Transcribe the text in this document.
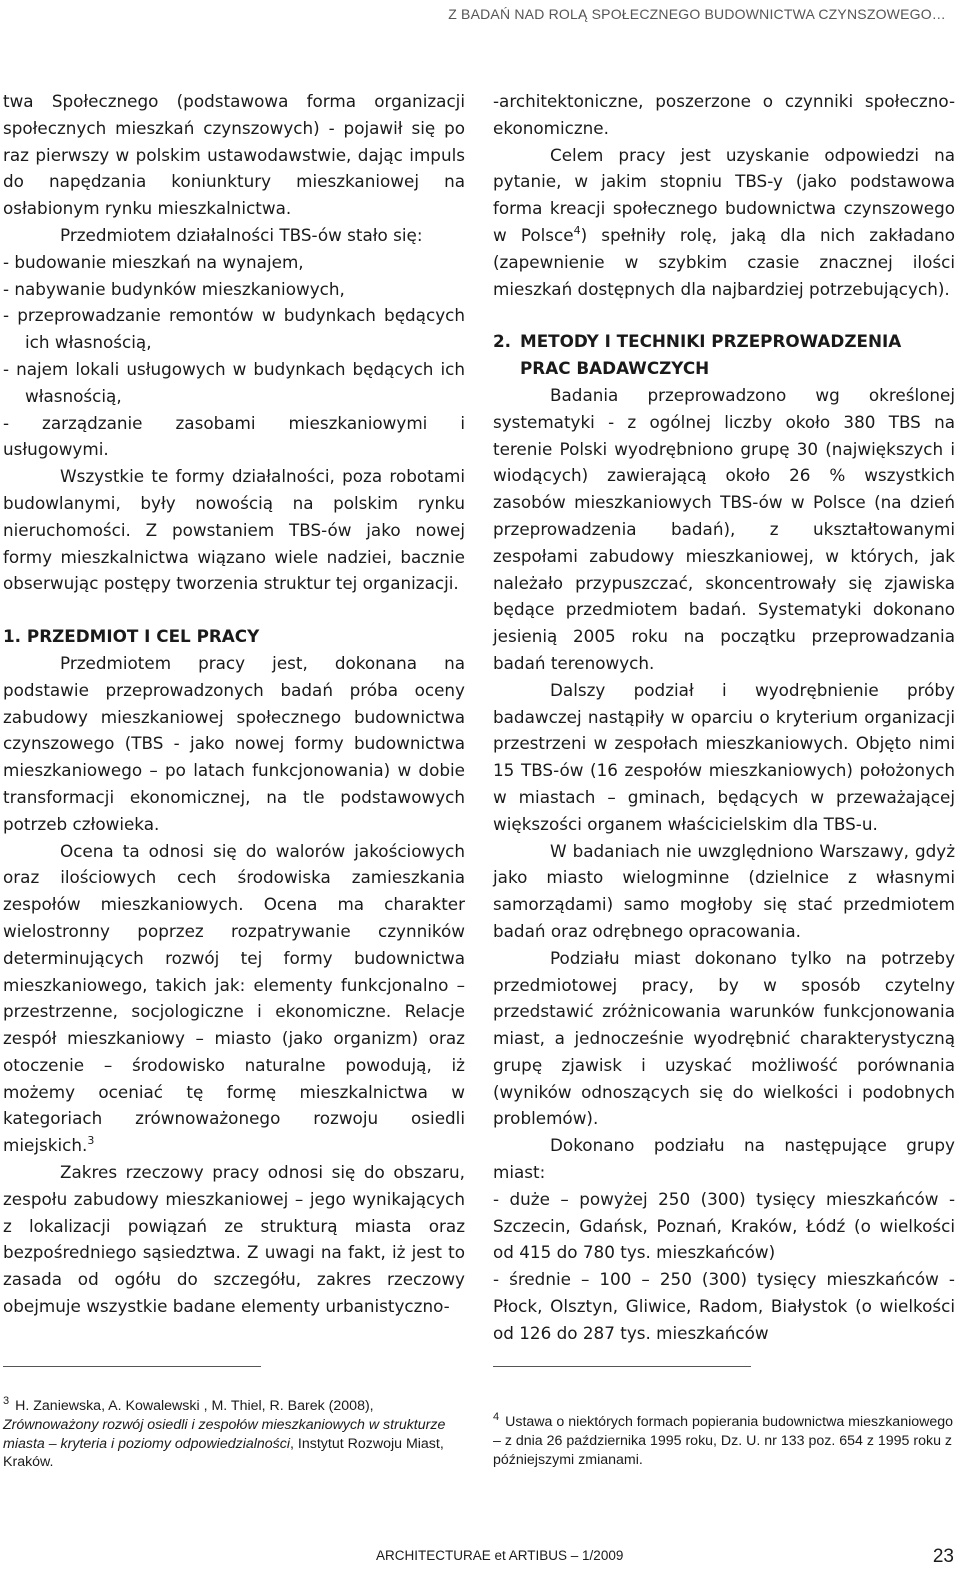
Z BADAŃ NAD ROLĄ SPOŁECZNEGO BUDOWNICTWA CZYNSZOWEGO…

twa Społecznego (podstawowa forma organizacji społecznych mieszkań czynszowych) - pojawił się po raz pierwszy w polskim ustawodawstwie, dając impuls do napędzania koniunktury mieszkaniowej na osłabionym rynku mieszkalnictwa.

Przedmiotem działalności TBS-ów stało się:

- budowanie mieszkań na wynajem,
- nabywanie budynków mieszkaniowych,
- przeprowadzanie remontów w budynkach będących ich własnością,
- najem lokali usługowych w budynkach będących ich własnością,
- zarządzanie zasobami mieszkaniowymi i usługowymi.

Wszystkie te formy działalności, poza robotami budowlanymi, były nowością na polskim rynku nieruchomości. Z powstaniem TBS-ów jako nowej formy mieszkalnictwa wiązano wiele nadziei, bacznie obserwując postępy tworzenia struktur tej organizacji.

1. PRZEDMIOT I CEL PRACY

Przedmiotem pracy jest, dokonana na podstawie przeprowadzonych badań próba oceny zabudowy mieszkaniowej społecznego budownictwa czynszowego (TBS - jako nowej formy budownictwa mieszkaniowego – po latach funkcjonowania) w dobie transformacji ekonomicznej, na tle podstawowych potrzeb człowieka.

Ocena ta odnosi się do walorów jakościowych oraz ilościowych cech środowiska zamieszkania zespołów mieszkaniowych. Ocena ma charakter wielostronny poprzez rozpatrywanie czynników determinujących rozwój tej formy budownictwa mieszkaniowego, takich jak: elementy funkcjonalno – przestrzenne, socjologiczne i ekonomiczne. Relacje zespół mieszkaniowy – miasto (jako organizm) oraz otoczenie – środowisko naturalne powodują, iż możemy oceniać tę formę mieszkalnictwa w kategoriach zrównoważonego rozwoju osiedli miejskich.$^3$

Zakres rzeczowy pracy odnosi się do obszaru, zespołu zabudowy mieszkaniowej – jego wynikających z lokalizacji powiązań ze strukturą miasta oraz bezpośredniego sąsiedztwa. Z uwagi na fakt, iż jest to zasada od ogółu do szczegółu, zakres rzeczowy obejmuje wszystkie badane elementy urbanistyczno-

-architektoniczne, poszerzone o czynniki społeczno-ekonomiczne.

Celem pracy jest uzyskanie odpowiedzi na pytanie, w jakim stopniu TBS-y (jako podstawowa forma kreacji społecznego budownictwa czynszowego w Polsce$^4$) spełniły rolę, jaką dla nich zakładano (zapewnienie w szybkim czasie znacznej ilości mieszkań dostępnych dla najbardziej potrzebujących).

2. METODY I TECHNIKI PRZEPROWADZENIA PRAC BADAWCZYCH

Badania przeprowadzono wg określonej systematyki - z ogólnej liczby około 380 TBS na terenie Polski wyodrębniono grupę 30 (największych i wiodących) zawierającą około 26 % wszystkich zasobów mieszkaniowych TBS-ów w Polsce (na dzień przeprowadzenia badań), z ukształtowanymi zespołami zabudowy mieszkaniowej, w których, jak należało przypuszczać, skoncentrowały się zjawiska będące przedmiotem badań. Systematyki dokonano jesienią 2005 roku na początku przeprowadzania badań terenowych.

Dalszy podział i wyodrębnienie próby badawczej nastąpiły w oparciu o kryterium organizacji przestrzeni w zespołach mieszkaniowych. Objęto nimi 15 TBS-ów (16 zespołów mieszkaniowych) położonych w miastach – gminach, będących w przeważającej większości organem właścicielskim dla TBS-u.

W badaniach nie uwzględniono Warszawy, gdyż jako miasto wielogminne (dzielnice z własnymi samorządami) samo mogłoby się stać przedmiotem badań oraz odrębnego opracowania.

Podziału miast dokonano tylko na potrzeby przedmiotowej pracy, by w sposób czytelny przedstawić zróżnicowania warunków funkcjonowania miast, a jednocześnie wyodrębnić charakterystyczną grupę zjawisk i uzyskać możliwość porównania (wyników odnoszących się do wielkości i podobnych problemów).

Dokonano podziału na następujące grupy miast:

- duże – powyżej 250 (300) tysięcy mieszkańców - Szczecin, Gdańsk, Poznań, Kraków, Łódź (o wielkości od 415 do 780 tys. mieszkańców)
- średnie – 100 – 250 (300) tysięcy mieszkańców - Płock, Olsztyn, Gliwice, Radom, Białystok (o wielkości od 126 do 287 tys. mieszkańców
$^3$ H. Zaniewska, A. Kowalewski , M. Thiel, R. Barek (2008), Zrównoważony rozwój osiedli i zespołów mieszkaniowych w strukturze miasta – kryteria i poziomy odpowiedzialności, Instytut Rozwoju Miast, Kraków.
$^4$ Ustawa o niektórych formach popierania budownictwa mieszkaniowego – z dnia 26 października 1995 roku, Dz. U. nr 133 poz. 654 z 1995 roku z późniejszymi zmianami.
ARCHITECTURAE et ARTIBUS – 1/2009	23
